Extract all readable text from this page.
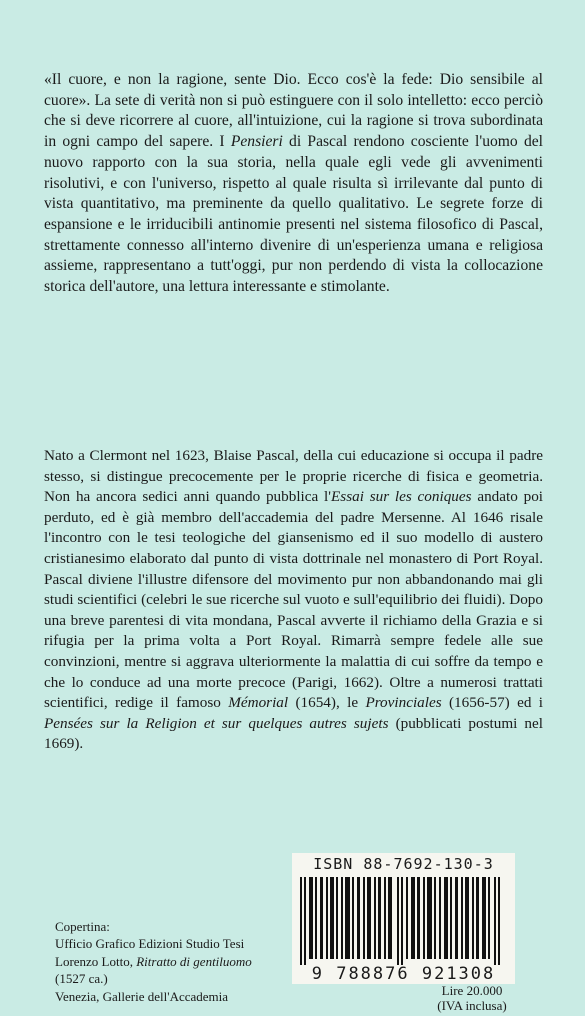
«Il cuore, e non la ragione, sente Dio. Ecco cos'è la fede: Dio sensibile al cuore». La sete di verità non si può estinguere con il solo intelletto: ecco perciò che si deve ricorrere al cuore, all'intuizione, cui la ragione si trova subordinata in ogni campo del sapere. I Pensieri di Pascal rendono cosciente l'uomo del nuovo rapporto con la sua storia, nella quale egli vede gli avvenimenti risolutivi, e con l'universo, rispetto al quale risulta sì irrilevante dal punto di vista quantitativo, ma preminente da quello qualitativo. Le segrete forze di espansione e le irriducibili antinomie presenti nel sistema filosofico di Pascal, strettamente connesso all'interno divenire di un'esperienza umana e religiosa assieme, rappresentano a tutt'oggi, pur non perdendo di vista la collocazione storica dell'autore, una lettura interessante e stimolante.

Nato a Clermont nel 1623, Blaise Pascal, della cui educazione si occupa il padre stesso, si distingue precocemente per le proprie ricerche di fisica e geometria. Non ha ancora sedici anni quando pubblica l'Essai sur les coniques andato poi perduto, ed è già membro dell'accademia del padre Mersenne. Al 1646 risale l'incontro con le tesi teologiche del giansenismo ed il suo modello di austero cristianesimo elaborato dal punto di vista dottrinale nel monastero di Port Royal. Pascal diviene l'illustre difensore del movimento pur non abbandonando mai gli studi scientifici (celebri le sue ricerche sul vuoto e sull'equilibrio dei fluidi). Dopo una breve parentesi di vita mondana, Pascal avverte il richiamo della Grazia e si rifugia per la prima volta a Port Royal. Rimarrà sempre fedele alle sue convinzioni, mentre si aggrava ulteriormente la malattia di cui soffre da tempo e che lo conduce ad una morte precoce (Parigi, 1662). Oltre a numerosi trattati scientifici, redige il famoso Mémorial (1654), le Provinciales (1656-57) ed i Pensées sur la Religion et sur quelques autres sujets (pubblicati postumi nel 1669).

Copertina:
Ufficio Grafico Edizioni Studio Tesi
Lorenzo Lotto, Ritratto di gentiluomo
(1527 ca.)
Venezia, Gallerie dell'Accademia
ISBN 88-7692-130-3
9 788876 921308
Lire 20.000
(IVA inclusa)
